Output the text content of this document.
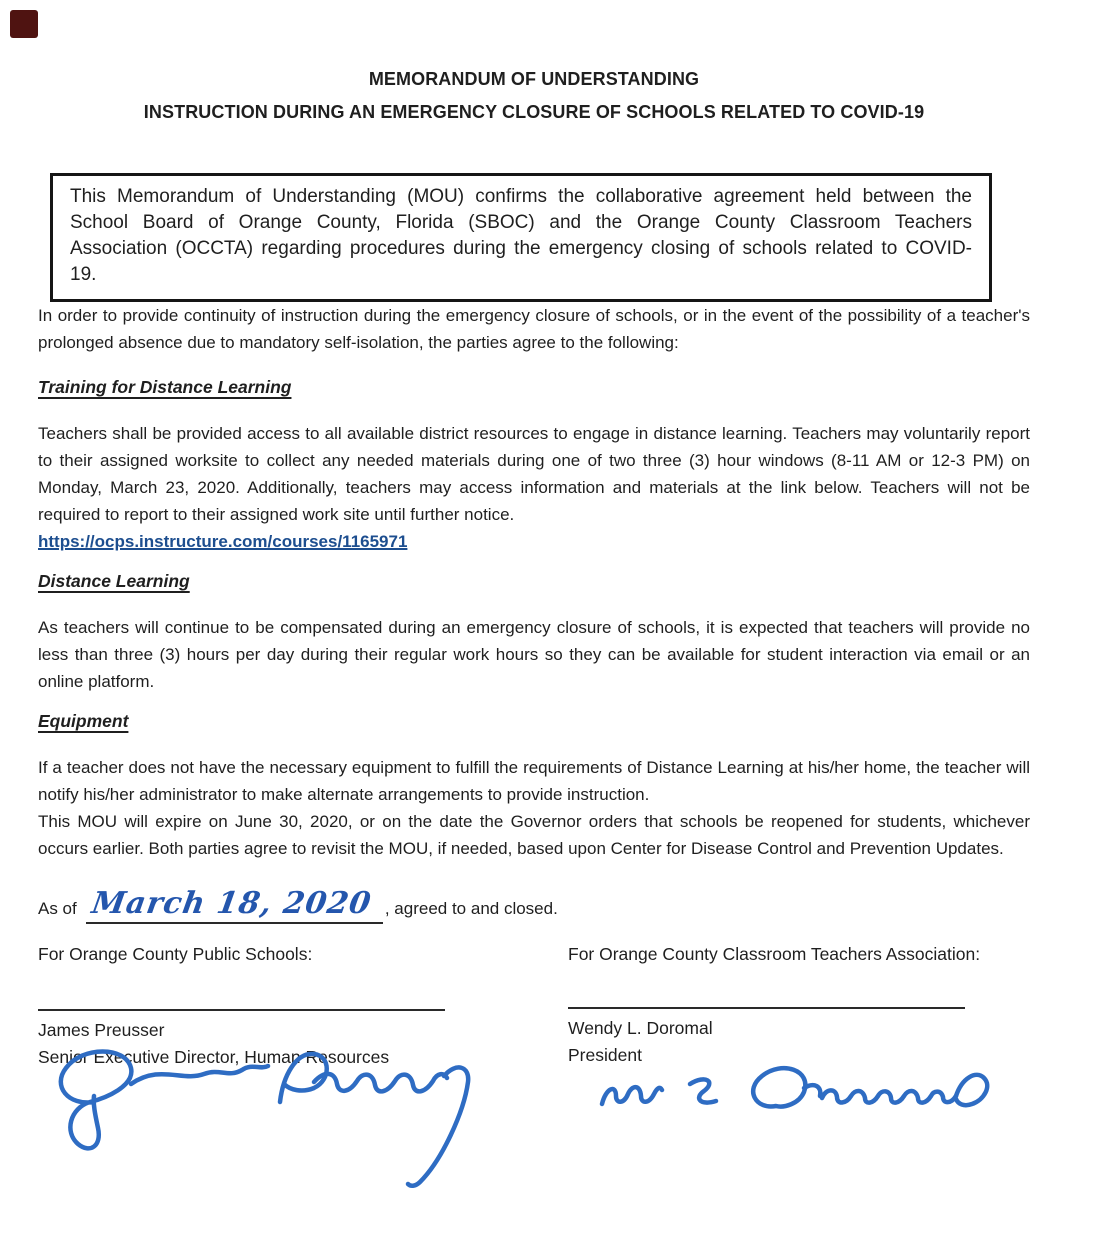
MEMORANDUM OF UNDERSTANDING
INSTRUCTION DURING AN EMERGENCY CLOSURE OF SCHOOLS RELATED TO COVID-19
This Memorandum of Understanding (MOU) confirms the collaborative agreement held between the School Board of Orange County, Florida (SBOC) and the Orange County Classroom Teachers Association (OCCTA) regarding procedures during the emergency closing of schools related to COVID-19.

In order to provide continuity of instruction during the emergency closure of schools, or in the event of the possibility of a teacher's prolonged absence due to mandatory self-isolation, the parties agree to the following:

Training for Distance Learning

Teachers shall be provided access to all available district resources to engage in distance learning. Teachers may voluntarily report to their assigned worksite to collect any needed materials during one of two three (3) hour windows (8-11 AM or 12-3 PM) on Monday, March 23, 2020. Additionally, teachers may access information and materials at the link below. Teachers will not be required to report to their assigned work site until further notice.

https://ocps.instructure.com/courses/1165971
Distance Learning

As teachers will continue to be compensated during an emergency closure of schools, it is expected that teachers will provide no less than three (3) hours per day during their regular work hours so they can be available for student interaction via email or an online platform.

Equipment

If a teacher does not have the necessary equipment to fulfill the requirements of Distance Learning at his/her home, the teacher will notify his/her administrator to make alternate arrangements to provide instruction.

This MOU will expire on June 30, 2020, or on the date the Governor orders that schools be reopened for students, whichever occurs earlier. Both parties agree to revisit the MOU, if needed, based upon Center for Disease Control and Prevention Updates.

As of March 18, 2020 , agreed to and closed.
For Orange County Public Schools:
James Preusser
Senior Executive Director, Human Resources
For Orange County Classroom Teachers Association:
Wendy L. Doromal
President
